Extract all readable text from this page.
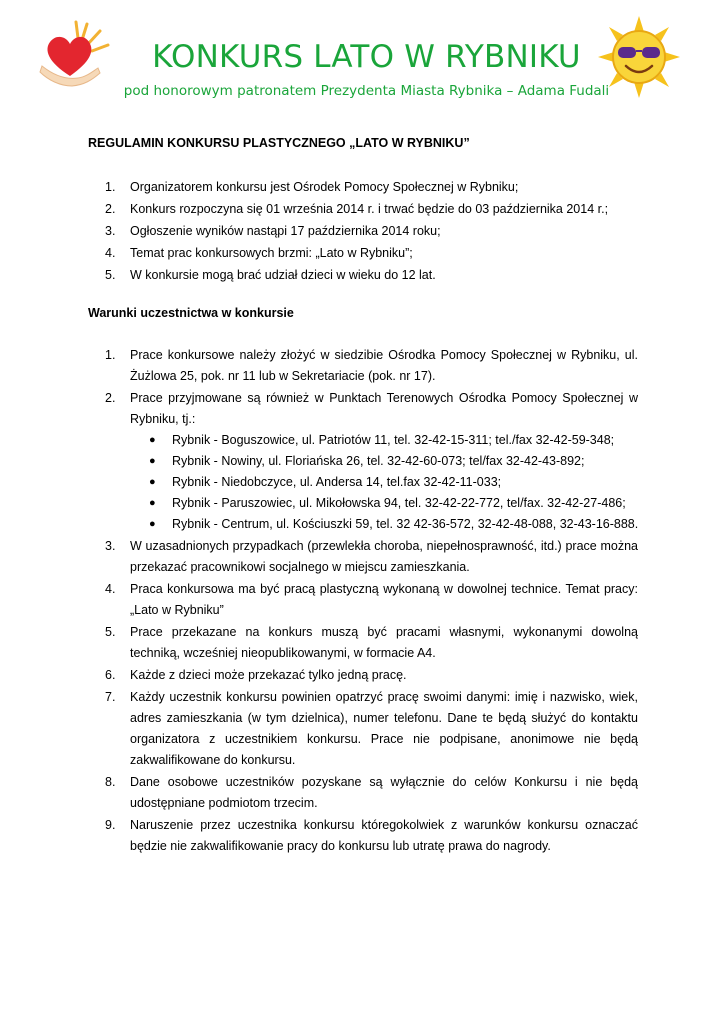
KONKURS LATO W RYBNIKU
pod honorowym patronatem Prezydenta Miasta Rybnika – Adama Fudali
REGULAMIN KONKURSU PLASTYCZNEGO „LATO W RYBNIKU”
1. Organizatorem konkursu jest Ośrodek Pomocy Społecznej w Rybniku;
2. Konkurs rozpoczyna się 01 września 2014 r. i trwać będzie do 03 października 2014 r.;
3. Ogłoszenie wyników nastąpi 17 października 2014 roku;
4. Temat prac konkursowych brzmi: „Lato w Rybniku”;
5. W konkursie mogą brać udział dzieci w wieku do 12 lat.
Warunki uczestnictwa w konkursie
1. Prace konkursowe należy złożyć w siedzibie Ośrodka Pomocy Społecznej w Rybniku, ul. Żużlowa 25, pok. nr 11 lub w Sekretariacie (pok. nr 17).
2. Prace przyjmowane są również w Punktach Terenowych Ośrodka Pomocy Społecznej w Rybniku, tj.:
● Rybnik - Boguszowice, ul. Patriotów 11, tel. 32-42-15-311; tel./fax 32-42-59-348;
● Rybnik - Nowiny, ul. Floriańska 26, tel. 32-42-60-073; tel/fax 32-42-43-892;
● Rybnik - Niedobczyce, ul. Andersa 14, tel.fax 32-42-11-033;
● Rybnik - Paruszowiec, ul. Mikołowska 94, tel. 32-42-22-772, tel/fax. 32-42-27-486;
● Rybnik - Centrum, ul. Kościuszki 59, tel. 32 42-36-572, 32-42-48-088, 32-43-16-888.
3. W uzasadnionych przypadkach (przewlekła choroba, niepełnosprawność, itd.) prace można przekazać pracownikowi socjalnego w miejscu zamieszkania.
4. Praca konkursowa ma być pracą plastyczną wykonaną w dowolnej technice. Temat pracy: „Lato w Rybniku”
5. Prace przekazane na konkurs muszą być pracami własnymi, wykonanymi dowolną techniką, wcześniej nieopublikowanymi, w formacie A4.
6. Każde z dzieci może przekazać tylko jedną pracę.
7. Każdy uczestnik konkursu powinien opatrzyć pracę swoimi danymi: imię i nazwisko, wiek, adres zamieszkania (w tym dzielnica), numer telefonu. Dane te będą służyć do kontaktu organizatora z uczestnikiem konkursu. Prace nie podpisane, anonimowe nie będą zakwalifikowane do konkursu.
8. Dane osobowe uczestników pozyskane są wyłącznie do celów Konkursu i nie będą udostępniane podmiotom trzecim.
9. Naruszenie przez uczestnika konkursu któregokolwiek z warunków konkursu oznaczać będzie nie zakwalifikowanie pracy do konkursu lub utratę prawa do nagrody.
